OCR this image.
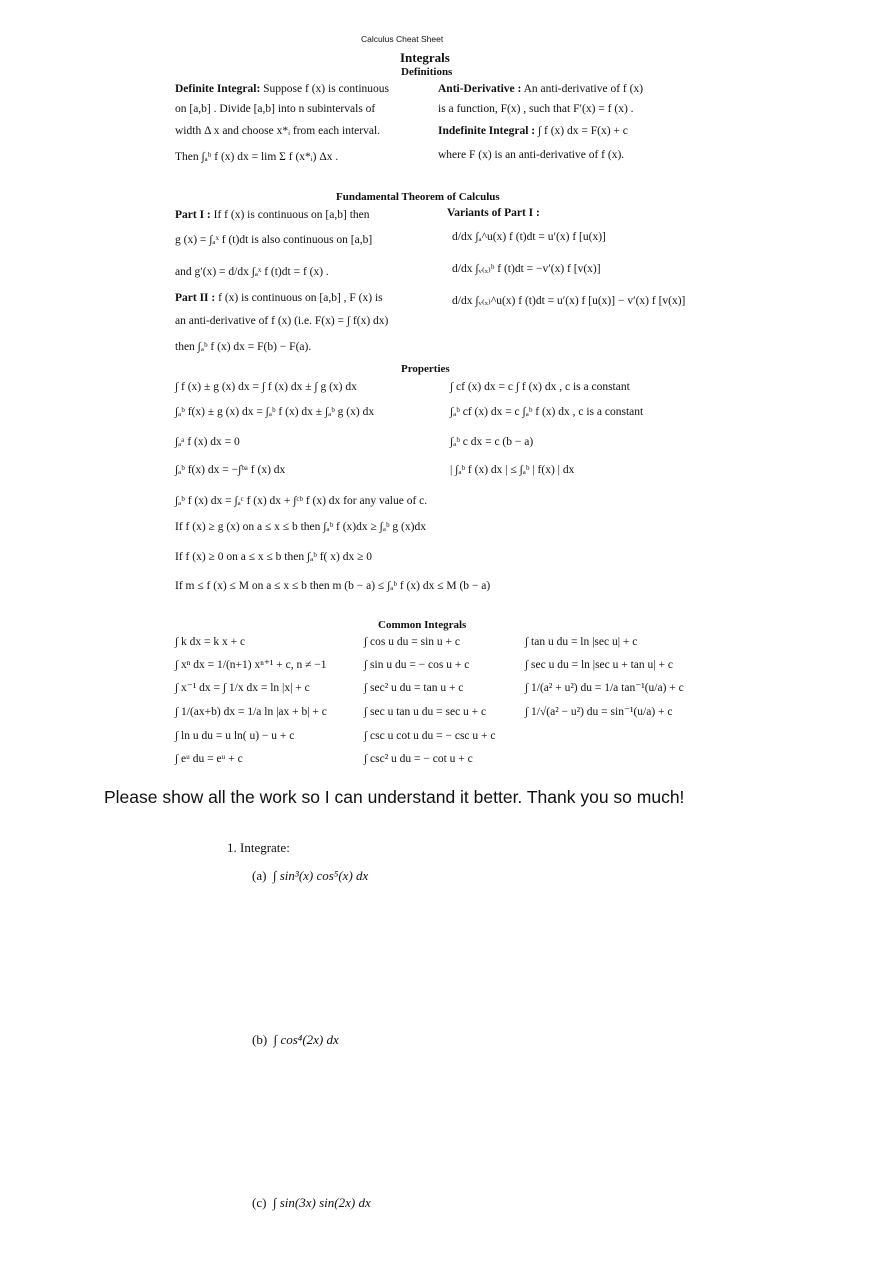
Calculus Cheat Sheet
Integrals
Definitions
Definite Integral: Suppose f (x) is continuous
on [a,b] . Divide [a,b] into n subintervals of
width Δ x and choose x*ᵢ from each interval.
Then ∫ₐᵇ f (x) dx = lim Σ f (x*ᵢ) Δx .
Anti-Derivative : An anti-derivative of f (x)
is a function, F(x) , such that F′(x) = f (x) .
Indefinite Integral : ∫ f (x) dx = F(x) + c
where F (x) is an anti-derivative of f (x).
Fundamental Theorem of Calculus
Part I : If f (x) is continuous on [a,b] then
g (x) = ∫ₐˣ f (t)dt is also continuous on [a,b]
and g′(x) = d/dx ∫ₐˣ f (t)dt = f (x) .
Part II : f (x) is continuous on [a,b] , F (x) is
an anti-derivative of f (x) (i.e. F(x) = ∫ f(x) dx)
then ∫ₐᵇ f (x) dx = F(b) − F(a).
Variants of Part I :
d/dx ∫ₐ^u(x) f (t)dt = u′(x) f [u(x)]
d/dx ∫ᵥ₍ₓ₎ᵇ f (t)dt = −v′(x) f [v(x)]
d/dx ∫ᵥ₍ₓ₎^u(x) f (t)dt = u′(x) f [u(x)] − v′(x) f [v(x)]
Properties
∫ f (x) ± g (x) dx = ∫ f (x) dx ± ∫ g (x) dx
∫ₐᵇ f(x) ± g (x) dx = ∫ₐᵇ f (x) dx ± ∫ₐᵇ g (x) dx
∫ₐᵃ f (x) dx = 0
∫ₐᵇ f(x) dx = −∫ᵇᵃ f (x) dx
∫ cf (x) dx = c ∫ f (x) dx , c is a constant
∫ₐᵇ cf (x) dx = c ∫ₐᵇ f (x) dx , c is a constant
∫ₐᵇ c dx = c (b − a)
| ∫ₐᵇ f (x) dx | ≤ ∫ₐᵇ | f(x) | dx
∫ₐᵇ f (x) dx = ∫ₐᶜ f (x) dx + ∫ᶜᵇ f (x) dx for any value of c.
If f (x) ≥ g (x) on a ≤ x ≤ b then ∫ₐᵇ f (x)dx ≥ ∫ₐᵇ g (x)dx
If f (x) ≥ 0 on a ≤ x ≤ b then ∫ₐᵇ f( x) dx ≥ 0
If m ≤ f (x) ≤ M on a ≤ x ≤ b then m (b − a) ≤ ∫ₐᵇ f (x) dx ≤ M (b − a)
Common Integrals
∫ k dx = k x + c
∫ xⁿ dx = 1/(n+1) xⁿ⁺¹ + c, n ≠ −1
∫ x⁻¹ dx = ∫ 1/x dx = ln |x| + c
∫ 1/(ax+b) dx = 1/a ln |ax + b| + c
∫ ln u du = u ln( u) − u + c
∫ eᵘ du = eᵘ + c
∫ cos u du = sin u + c
∫ sin u du = − cos u + c
∫ sec² u du = tan u + c
∫ sec u tan u du = sec u + c
∫ csc u cot u du = − csc u + c
∫ csc² u du = − cot u + c
∫ tan u du = ln |sec u| + c
∫ sec u du = ln |sec u + tan u| + c
∫ 1/(a² + u²) du = 1/a tan⁻¹(u/a) + c
∫ 1/√(a² − u²) du = sin⁻¹(u/a) + c
Please show all the work so I can understand it better. Thank you so much!
1. Integrate:
(a) ∫ sin³(x) cos⁵(x) dx
(b) ∫ cos⁴(2x) dx
(c) ∫ sin(3x) sin(2x) dx
